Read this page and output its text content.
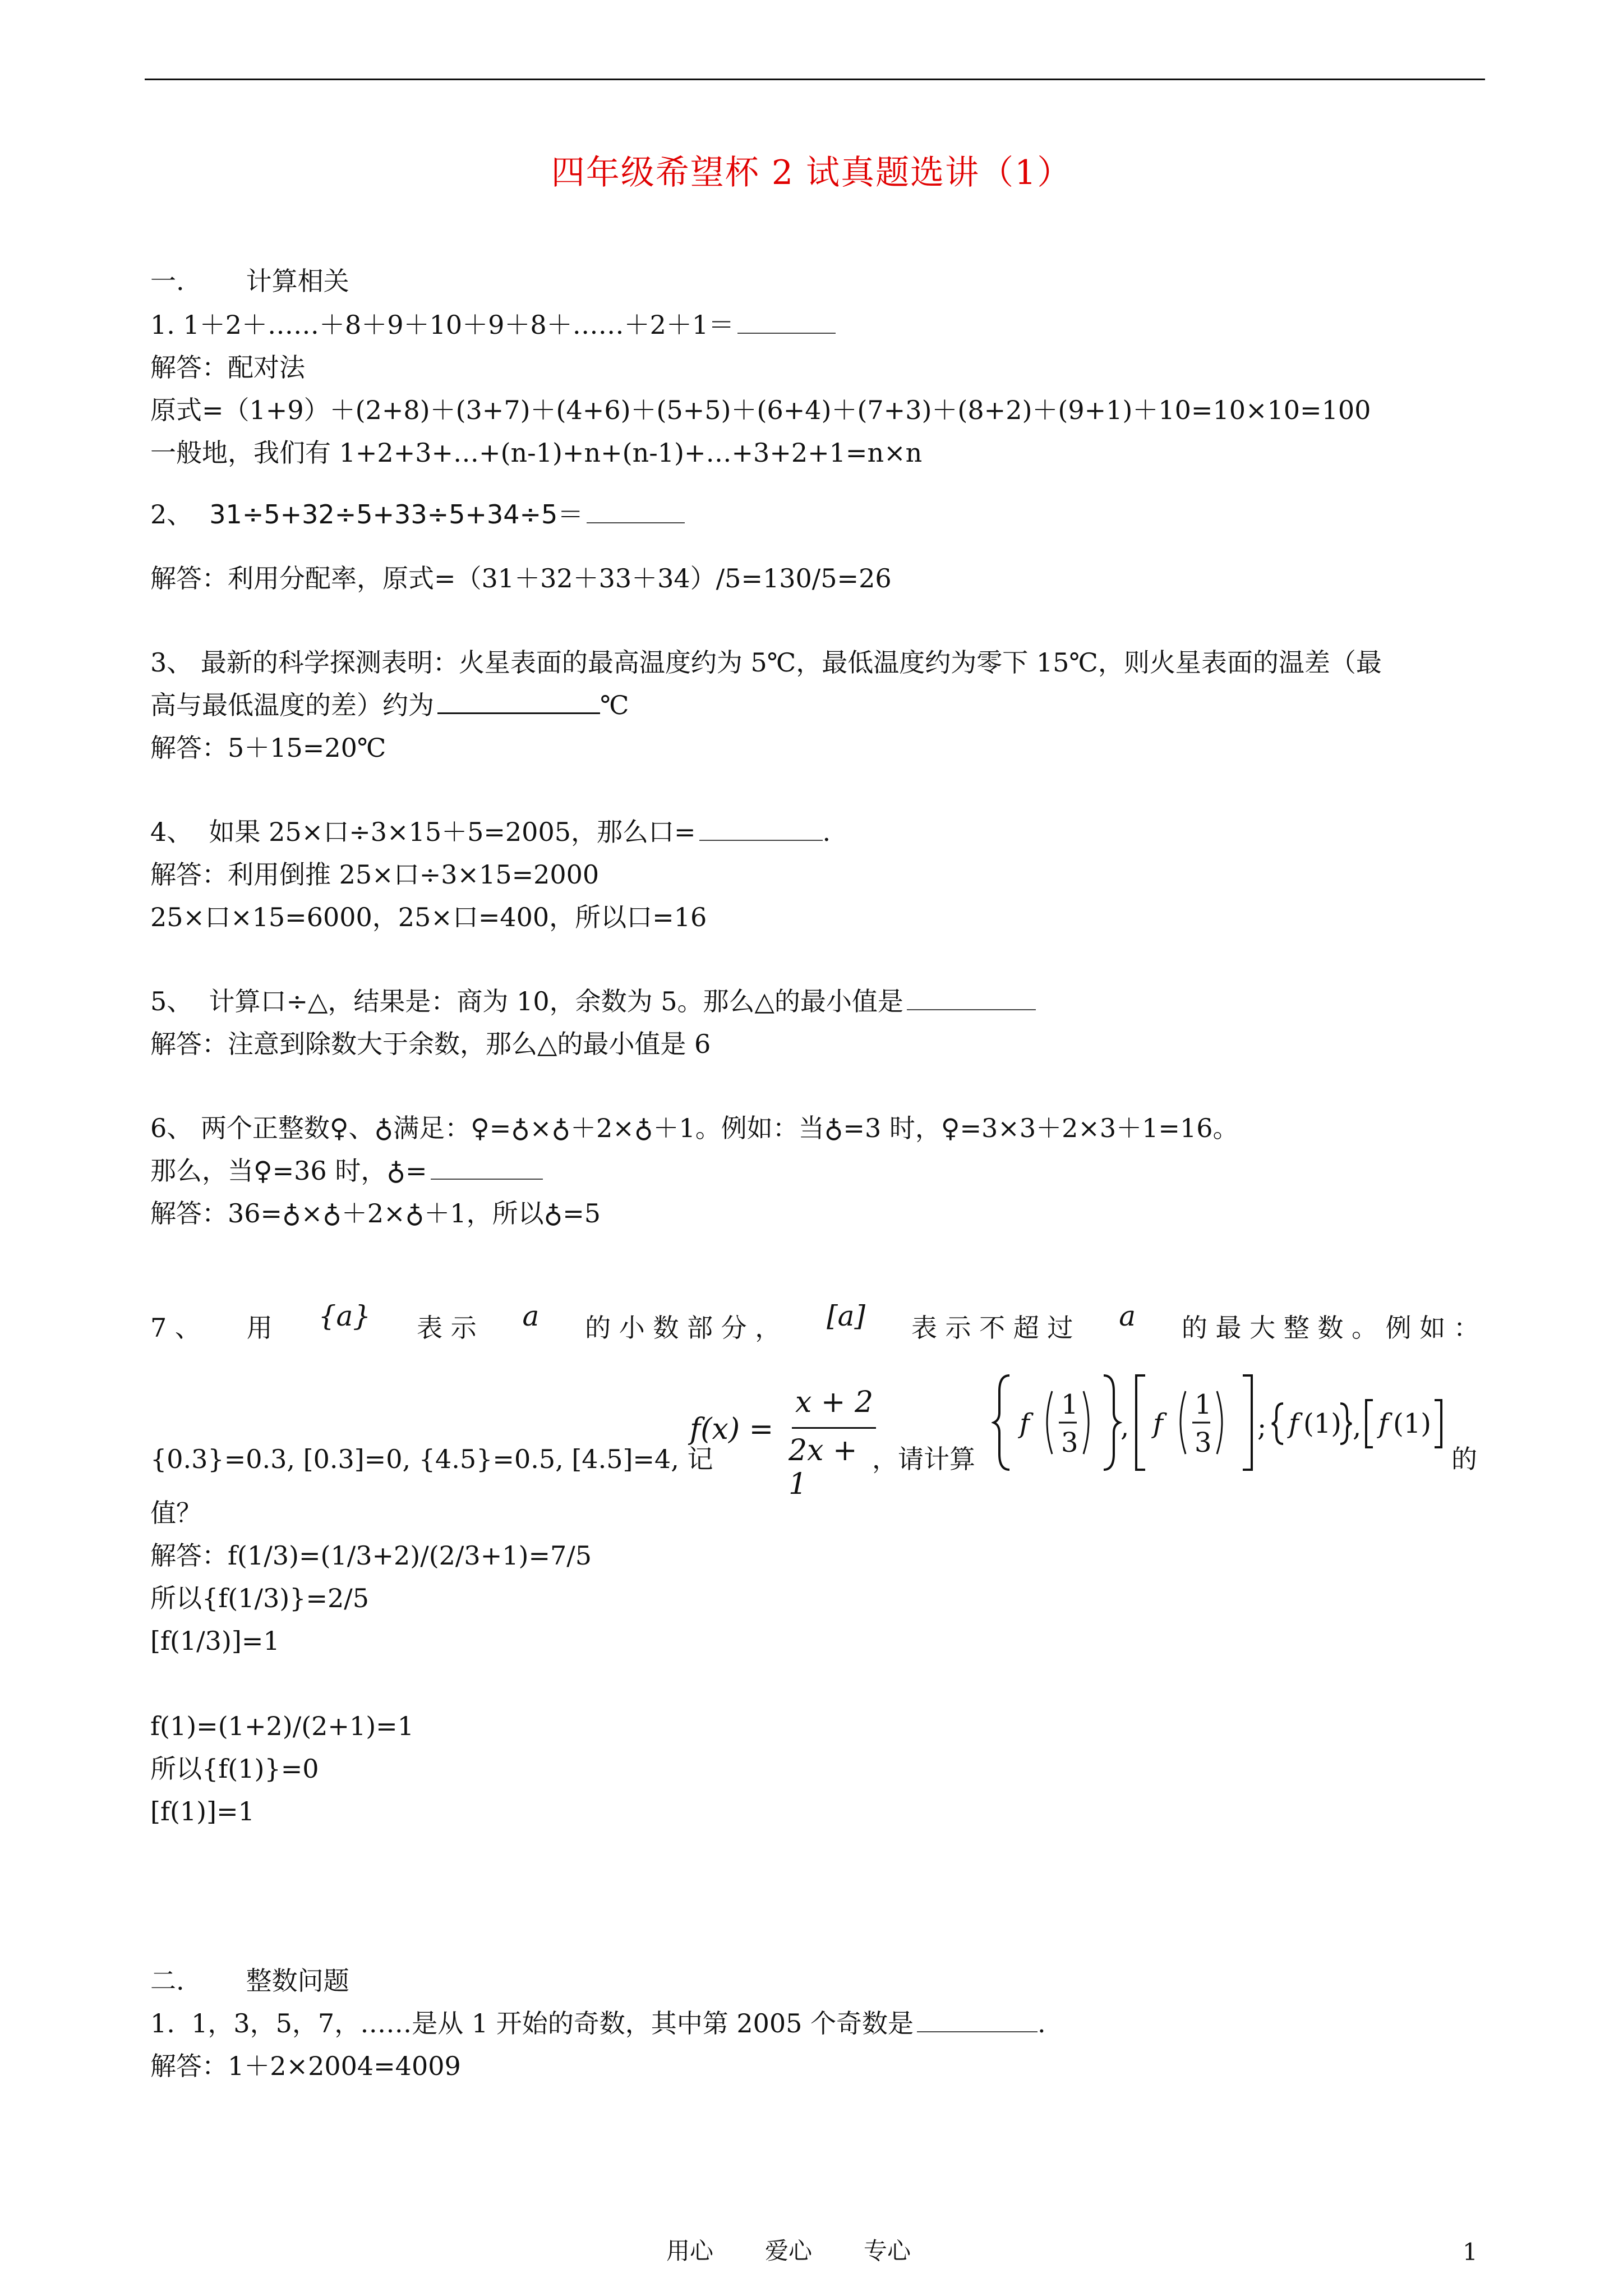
四年级希望杯 2 试真题选讲（1）
一. 计算相关
1. 1＋2＋……＋8＋9＋10＋9＋8＋……＋2＋1＝
解答：配对法
原式=（1+9）＋(2+8)＋(3+7)＋(4+6)＋(5+5)＋(6+4)＋(7+3)＋(8+2)＋(9+1)＋10=10×10=100
一般地，我们有 1+2+3+…+(n-1)+n+(n-1)+…+3+2+1=n×n
2、 31÷5+32÷5+33÷5+34÷5＝
解答：利用分配率，原式=（31＋32＋33＋34）/5=130/5=26
3、 最新的科学探测表明：火星表面的最高温度约为 5℃，最低温度约为零下 15℃，则火星表面的温差（最
高与最低温度的差）约为	℃
解答：5＋15=20℃
4、  如果 25×口÷3×15＋5=2005，那么口=	.
解答：利用倒推 25×口÷3×15=2000
25×口×15=6000，25×口=400，所以口=16
5、  计算口÷△，结果是：商为 10，余数为 5。那么△的最小值是
解答：注意到除数大于余数，那么△的最小值是 6
6、 两个正整数♀、♁满足：♀=♁×♁＋2×♁＋1。例如：当♁=3 时，♀=3×3＋2×3＋1=16。
那么，当♀=36 时，♁=
解答：36=♁×♁＋2×♁＋1，所以♁=5
7 、 用 {a} 表 示 a 的 小 数 部 分 ， [a] 表 示 不 超 过 a 的 最 大 整 数 。 例 如 ：
{0.3}=0.3, [0.3]=0, {4.5}=0.5, [4.5]=4, 记
f(x) =
x + 2
2x + 1
，请计算
f
1
3
f
1
3
,	; f (1) , f (1)
的
值？
解答：f(1/3)=(1/3+2)/(2/3+1)=7/5
所以{f(1/3)}=2/5
[f(1/3)]=1
f(1)=(1+2)/(2+1)=1
所以{f(1)}=0
[f(1)]=1
二. 整数问题
1.  1，3，5，7，……是从 1 开始的奇数，其中第 2005 个奇数是	.
解答：1＋2×2004=4009
用心 爱心 专心	1
